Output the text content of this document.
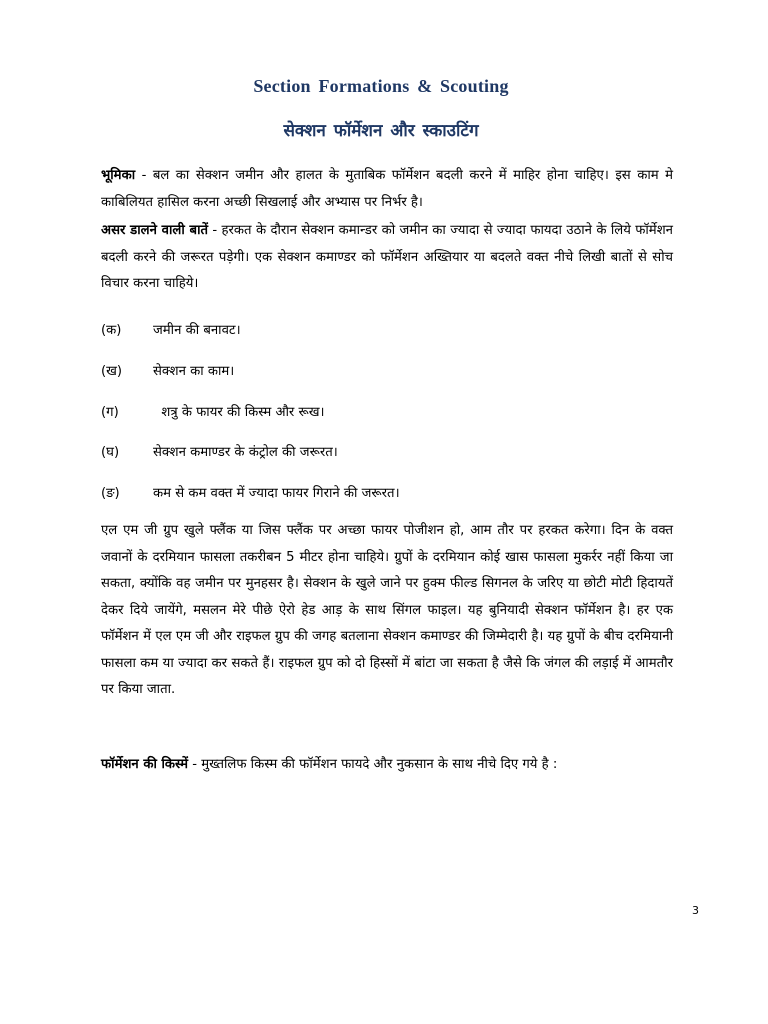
Section Formations & Scouting
सेक्शन फॉर्मेशन और स्काउटिंग
भूमिका - बल का सेक्शन जमीन और हालत के मुताबिक फॉर्मेशन बदली करने में माहिर होना चाहिए। इस काम मे काबिलियत हासिल करना अच्छी सिखलाई और अभ्यास पर निर्भर है।
असर डालने वाली बातें - हरकत के दौरान सेक्शन कमान्डर को जमीन का ज्यादा से ज्यादा फायदा उठाने के लिये फॉर्मेशन बदली करने की जरूरत पड़ेगी। एक सेक्शन कमाण्डर को फॉर्मेशन अख्तियार या बदलते वक्त नीचे लिखी बातों से सोच विचार करना चाहिये।
(क) जमीन की बनावट।
(ख) सेक्शन का काम।
(ग)	शत्रु के फायर की किस्म और रूख।
(घ)	सेक्शन कमाण्डर के कंट्रोल की जरूरत।
(ङ)	कम से कम वक्त में ज्यादा फायर गिराने की जरूरत।
एल एम जी ग्रुप खुले फ्लैंक या जिस फ्लैंक पर अच्छा फायर पोजीशन हो, आम तौर पर हरकत करेगा। दिन के वक्त जवानों के दरमियान फासला तकरीबन 5 मीटर होना चाहिये। ग्रुपों के दरमियान कोई खास फासला मुकर्रर नहीं किया जा सकता, क्योंकि वह जमीन पर मुनहसर है। सेक्शन के खुले जाने पर हुक्म फील्ड सिगनल के जरिए या छोटी मोटी हिदायतें देकर दिये जायेंगे, मसलन मेरे पीछे ऐरो हेड आड़ के साथ सिंगल फाइल। यह बुनियादी सेक्शन फॉर्मेशन है। हर एक फॉर्मेशन में एल एम जी और राइफल ग्रुप की जगह बतलाना सेक्शन कमाण्डर की जिम्मेदारी है। यह ग्रुपों के बीच दरमियानी फासला कम या ज्यादा कर सकते हैं। राइफल ग्रुप को दो हिस्सों में बांटा जा सकता है जैसे कि जंगल की लड़ाई में आमतौर पर किया जाता.
फॉर्मेशन की किस्में - मुख्तलिफ किस्म की फॉर्मेशन फायदे और नुकसान के साथ नीचे दिए गये है :
3
